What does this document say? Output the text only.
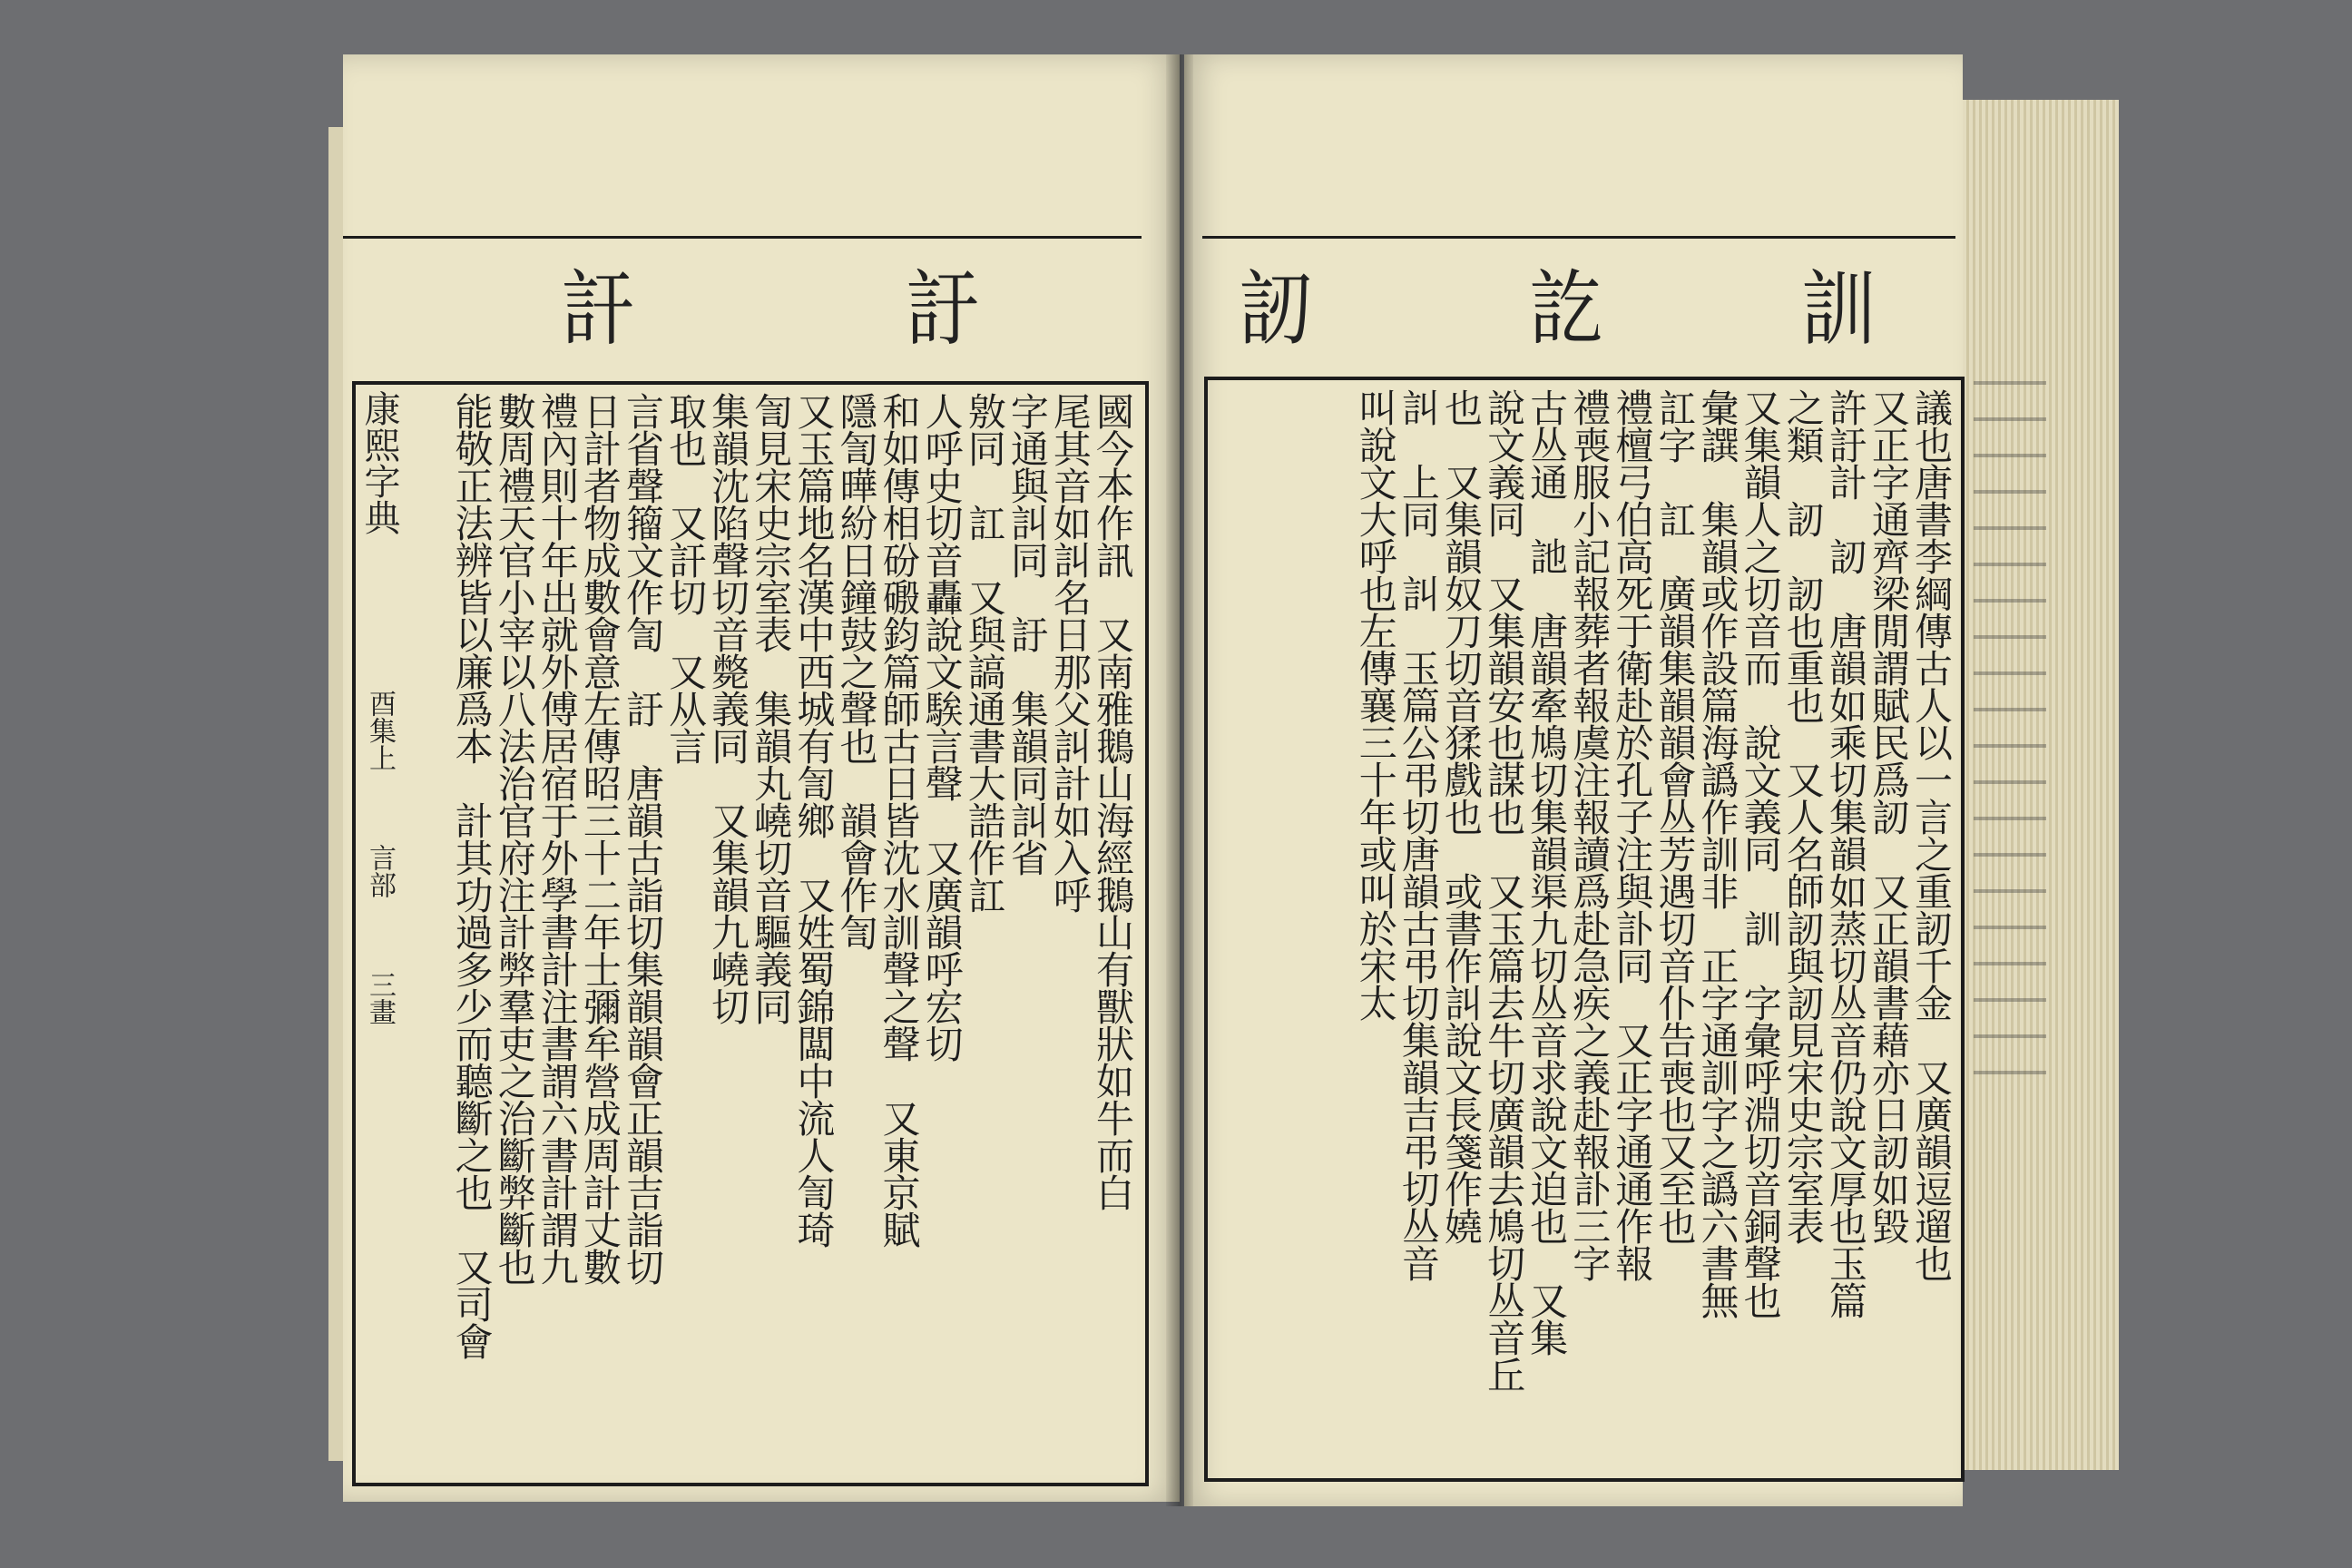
訐	訏
康熙字典
酉集上
言部
三畫	國今本作訊　又南雅鵝山海經鵝山有獸狀如牛而白
尾其音如訆名日那父訆計如入呼
字通與訆同　訏　集韻同訆省
敫同　訌　又與謞通書大誥作訌
人呼史切音轟說文騃言聲　又廣韻呼宏切
和如傳相砏磤鈞篇師古日皆沈水訓聲之聲　又東京賦
隱訇曄紛日鐘鼓之聲也　韻會作訇
又玉篇地名漢中西城有訇鄉　又姓蜀錦闆中流人訇琦
訇見宋史宗室表　集韻丸嶢切音驅義同
集韻沈陷聲切音斃義同　又集韻九嶢切
取也　又訐切　又从言
言省聲籀文作訇　訏　唐韻古詣切集韻韻會正韻吉詣切
日計者物成數會意左傳昭三十二年士彌牟營成周計丈數
禮內則十年出就外傅居宿于外學書計注書謂六書計謂九
數周禮天官小宰以八法治官府注計弊羣吏之治斷弊斷也
能敬正法辨皆以廉爲本　計其功過多少而聽斷之也　又司會
訒	訖	訓
議也唐書李綱傳古人以一言之重訒千金　又廣韻逗遛也
又正字通齊梁閒謂賦民爲訒　又正韻書藉亦日訒如毀
許訏計　訒　唐韻如乘切集韻如蒸切丛音仍說文厚也玉篇
之類　訒　訒也重也　又人名師訒與訒見宋史宗室表
又集韻人之切音而　說文義同　訓　字彙呼淵切音銅聲也
彙譔　集韻或作設篇海譌作訓非　正字通訓字之譌六書無
訌字　訌　廣韻集韻韻會丛芳遇切音仆告喪也又至也
禮檀弓伯高死于衛赴於孔子注與訃同　又正字通通作報
禮喪服小記報葬者報虞注報讀爲赴急疾之義赴報訃三字
古丛通　訑　唐韻牽鳩切集韻渠九切丛音求說文迫也　又集
說文義同　又集韻安也謀也　又玉篇去牛切廣韻去鳩切丛音丘
也　又集韻奴刀切音猱戲也　或書作訆說文長箋作嬈
訆　上同　訆　玉篇公弔切唐韻古弔切集韻吉弔切丛音
叫說文大呼也左傳襄三十年或叫於宋太
